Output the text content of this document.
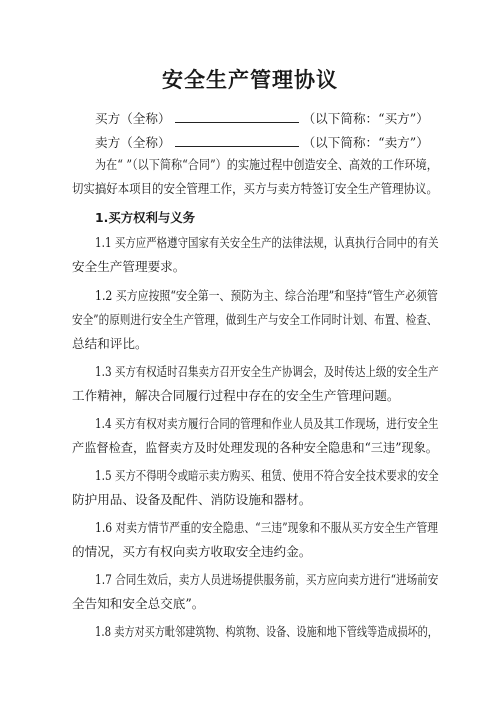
安全生产管理协议
买方（全称）	（以下简称：“买方”）
卖方（全称）	（以下简称：“卖方”）
为在“ ”（以下简称“合同”）的实施过程中创造安全、高效的工作环境，
切实搞好本项目的安全管理工作，买方与卖方特签订安全生产管理协议。
1.买方权利与义务
1.1 买方应严格遵守国家有关安全生产的法律法规，认真执行合同中的有关
安全生产管理要求。
1.2 买方应按照“安全第一、预防为主、综合治理”和坚持“管生产必须管
安全”的原则进行安全生产管理，做到生产与安全工作同时计划、布置、检查、
总结和评比。
1.3 买方有权适时召集卖方召开安全生产协调会，及时传达上级的安全生产
工作精神，解决合同履行过程中存在的安全生产管理问题。
1.4 买方有权对卖方履行合同的管理和作业人员及其工作现场，进行安全生
产监督检查，监督卖方及时处理发现的各种安全隐患和“三违”现象。
1.5 买方不得明令或暗示卖方购买、租赁、使用不符合安全技术要求的安全
防护用品、设备及配件、消防设施和器材。
1.6 对卖方情节严重的安全隐患、“三违”现象和不服从买方安全生产管理
的情况，买方有权向卖方收取安全违约金。
1.7 合同生效后，卖方人员进场提供服务前，买方应向卖方进行“进场前安
全告知和安全总交底”。
1.8 卖方对买方毗邻建筑物、构筑物、设备、设施和地下管线等造成损坏的，
